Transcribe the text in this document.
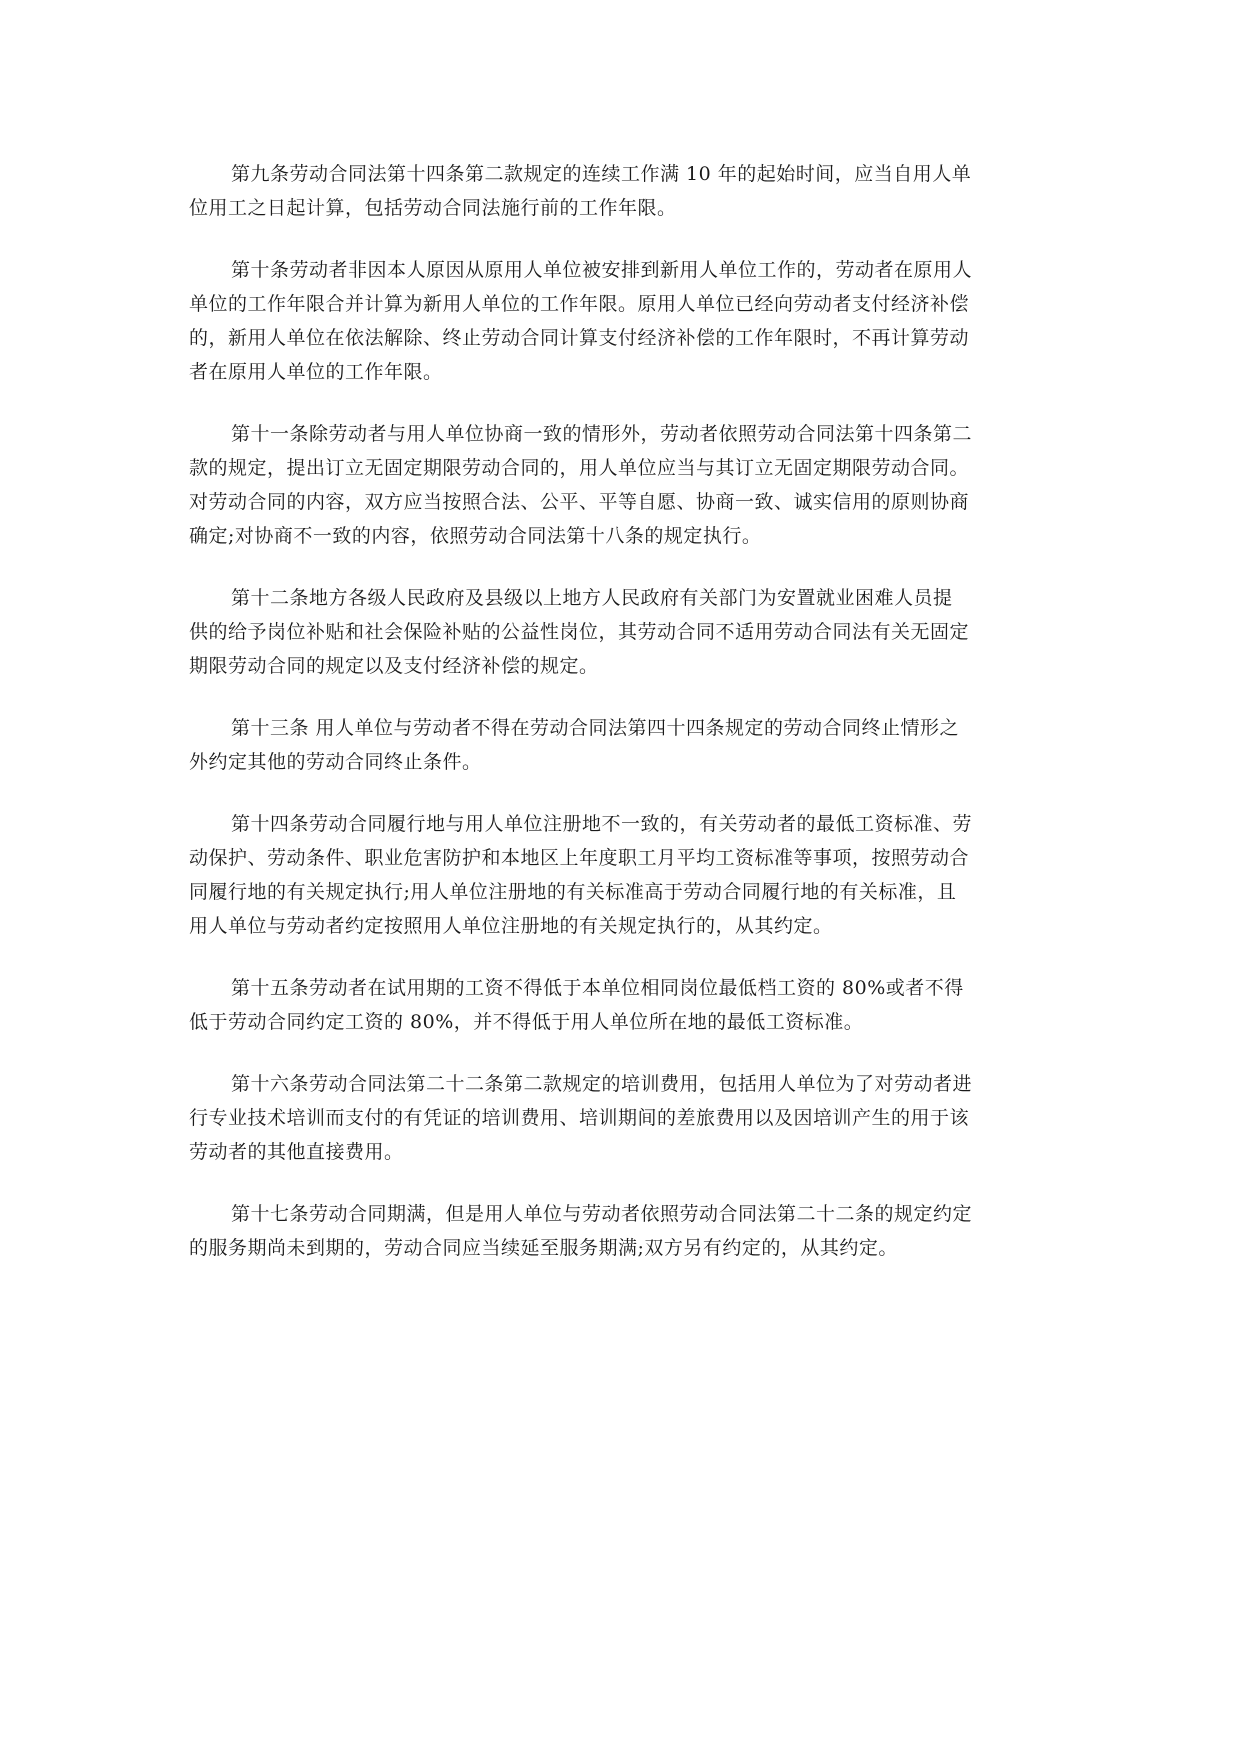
第九条劳动合同法第十四条第二款规定的连续工作满 10 年的起始时间，应当自用人单
位用工之日起计算，包括劳动合同法施行前的工作年限。

第十条劳动者非因本人原因从原用人单位被安排到新用人单位工作的，劳动者在原用人
单位的工作年限合并计算为新用人单位的工作年限。原用人单位已经向劳动者支付经济补偿
的，新用人单位在依法解除、终止劳动合同计算支付经济补偿的工作年限时，不再计算劳动
者在原用人单位的工作年限。

第十一条除劳动者与用人单位协商一致的情形外，劳动者依照劳动合同法第十四条第二
款的规定，提出订立无固定期限劳动合同的，用人单位应当与其订立无固定期限劳动合同。
对劳动合同的内容，双方应当按照合法、公平、平等自愿、协商一致、诚实信用的原则协商
确定;对协商不一致的内容，依照劳动合同法第十八条的规定执行。

第十二条地方各级人民政府及县级以上地方人民政府有关部门为安置就业困难人员提
供的给予岗位补贴和社会保险补贴的公益性岗位，其劳动合同不适用劳动合同法有关无固定
期限劳动合同的规定以及支付经济补偿的规定。

第十三条 用人单位与劳动者不得在劳动合同法第四十四条规定的劳动合同终止情形之
外约定其他的劳动合同终止条件。

第十四条劳动合同履行地与用人单位注册地不一致的，有关劳动者的最低工资标准、劳
动保护、劳动条件、职业危害防护和本地区上年度职工月平均工资标准等事项，按照劳动合
同履行地的有关规定执行;用人单位注册地的有关标准高于劳动合同履行地的有关标准，且
用人单位与劳动者约定按照用人单位注册地的有关规定执行的，从其约定。

第十五条劳动者在试用期的工资不得低于本单位相同岗位最低档工资的 80%或者不得
低于劳动合同约定工资的 80%，并不得低于用人单位所在地的最低工资标准。

第十六条劳动合同法第二十二条第二款规定的培训费用，包括用人单位为了对劳动者进
行专业技术培训而支付的有凭证的培训费用、培训期间的差旅费用以及因培训产生的用于该
劳动者的其他直接费用。

第十七条劳动合同期满，但是用人单位与劳动者依照劳动合同法第二十二条的规定约定
的服务期尚未到期的，劳动合同应当续延至服务期满;双方另有约定的，从其约定。
